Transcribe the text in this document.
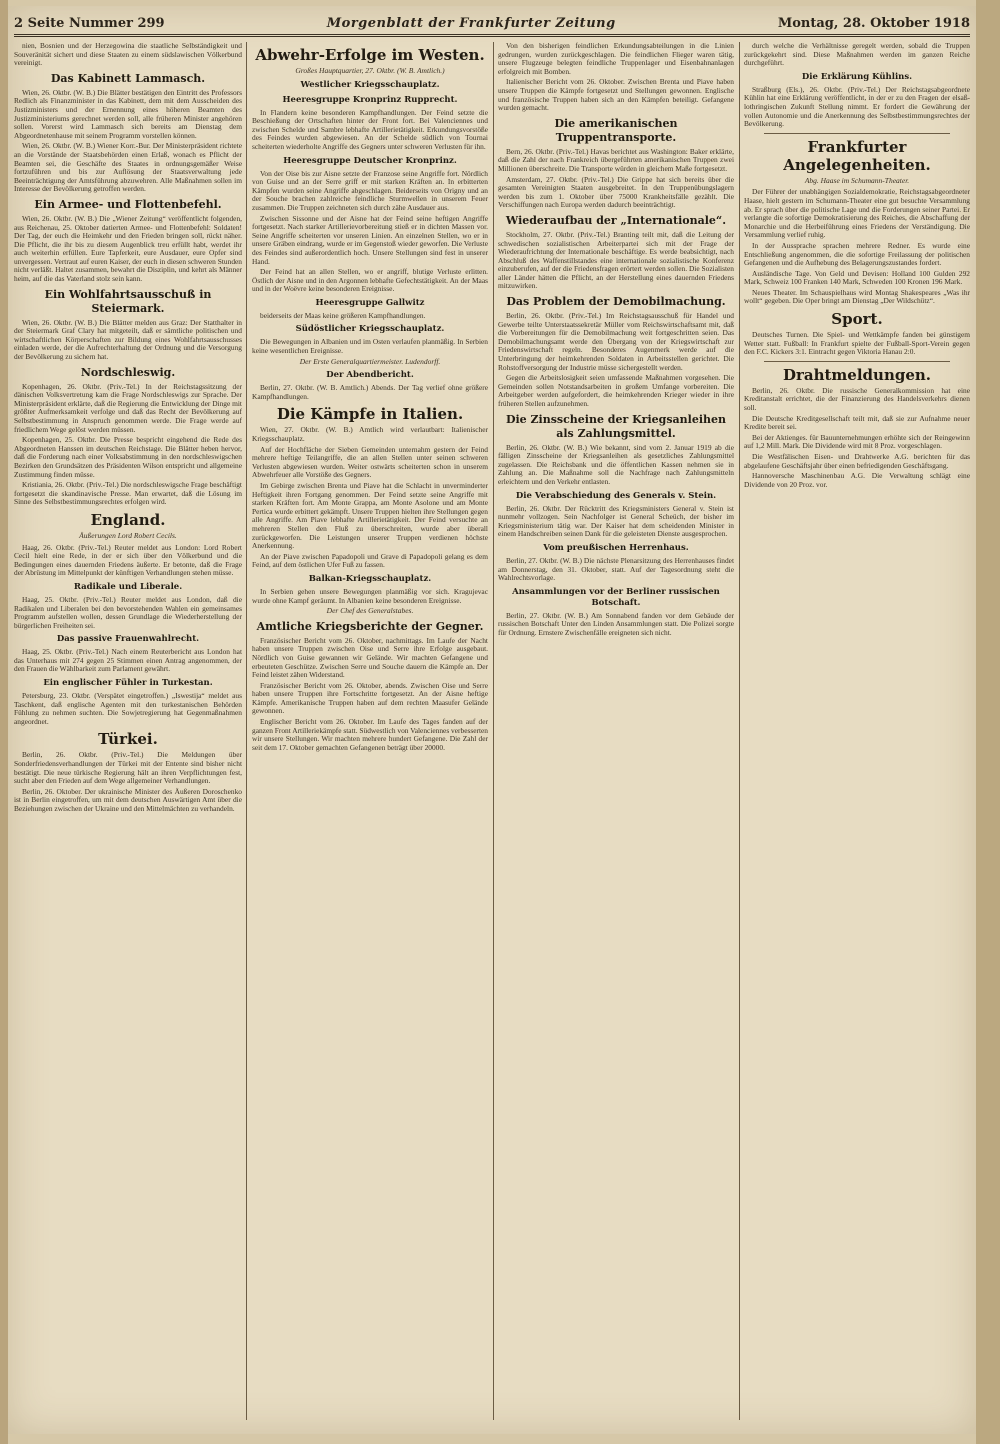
2 Seite Nummer 299	Morgenblatt der Frankfurter Zeitung	Montag, 28. Oktober 1918

nien, Bosnien und der Herzegowina die staatliche Selbständigkeit und Souveränität sichert und diese Staaten zu einem südslawischen Völkerbund vereinigt.

Das Kabinett Lammasch.

Wien, 26. Oktbr. (W. B.) Die Blätter bestätigen den Eintritt des Professors Redlich als Finanzminister in das Kabinett, dem mit dem Ausscheiden des Justizministers und der Ernennung eines höheren Beamten des Justizministeriums gerechnet werden soll, alle früheren Minister angehören sollen. Vorerst wird Lammasch sich bereits am Dienstag dem Abgeordnetenhause mit seinem Programm vorstellen können.

Wien, 26. Oktbr. (W. B.) Wiener Korr.-Bur. Der Ministerpräsident richtete an die Vorstände der Staatsbehörden einen Erlaß, wonach es Pflicht der Beamten sei, die Geschäfte des Staates in ordnungsgemäßer Weise fortzuführen und bis zur Auflösung der Staatsverwaltung jede Beeinträchtigung der Amtsführung abzuwehren. Alle Maßnahmen sollen im Interesse der Bevölkerung getroffen werden.

Ein Armee- und Flottenbefehl.

Wien, 26. Oktbr. (W. B.) Die „Wiener Zeitung“ veröffentlicht folgenden, aus Reichenau, 25. Oktober datierten Armee- und Flottenbefehl: Soldaten! Der Tag, der euch die Heimkehr und den Frieden bringen soll, rückt näher. Die Pflicht, die ihr bis zu diesem Augenblick treu erfüllt habt, werdet ihr auch weiterhin erfüllen. Eure Tapferkeit, eure Ausdauer, eure Opfer sind unvergessen. Vertraut auf euren Kaiser, der euch in diesen schweren Stunden nicht verläßt. Haltet zusammen, bewahrt die Disziplin, und kehrt als Männer heim, auf die das Vaterland stolz sein kann.

Ein Wohlfahrtsausschuß in Steiermark.

Wien, 26. Oktbr. (W. B.) Die Blätter melden aus Graz: Der Statthalter in der Steiermark Graf Clary hat mitgeteilt, daß er sämtliche politischen und wirtschaftlichen Körperschaften zur Bildung eines Wohlfahrtsausschusses einladen werde, der die Aufrechterhaltung der Ordnung und die Versorgung der Bevölkerung zu sichern hat.

Nordschleswig.

Kopenhagen, 26. Oktbr. (Priv.-Tel.) In der Reichstagssitzung der dänischen Volksvertretung kam die Frage Nordschleswigs zur Sprache. Der Ministerpräsident erklärte, daß die Regierung die Entwicklung der Dinge mit größter Aufmerksamkeit verfolge und daß das Recht der Bevölkerung auf Selbstbestimmung in Anspruch genommen werde. Die Frage werde auf friedlichem Wege gelöst werden müssen.

Kopenhagen, 25. Oktbr. Die Presse bespricht eingehend die Rede des Abgeordneten Hanssen im deutschen Reichstage. Die Blätter heben hervor, daß die Forderung nach einer Volksabstimmung in den nordschleswigschen Bezirken den Grundsätzen des Präsidenten Wilson entspricht und allgemeine Zustimmung finden müsse.

Kristiania, 26. Oktbr. (Priv.-Tel.) Die nordschleswigsche Frage beschäftigt fortgesetzt die skandinavische Presse. Man erwartet, daß die Lösung im Sinne des Selbstbestimmungsrechtes erfolgen wird.

England.
Äußerungen Lord Robert Cecils.

Haag, 26. Oktbr. (Priv.-Tel.) Reuter meldet aus London: Lord Robert Cecil hielt eine Rede, in der er sich über den Völkerbund und die Bedingungen eines dauernden Friedens äußerte. Er betonte, daß die Frage der Abrüstung im Mittelpunkt der künftigen Verhandlungen stehen müsse.

Radikale und Liberale.

Haag, 25. Oktbr. (Priv.-Tel.) Reuter meldet aus London, daß die Radikalen und Liberalen bei den bevorstehenden Wahlen ein gemeinsames Programm aufstellen wollen, dessen Grundlage die Wiederherstellung der bürgerlichen Freiheiten sei.

Das passive Frauenwahlrecht.

Haag, 25. Oktbr. (Priv.-Tel.) Nach einem Reuterbericht aus London hat das Unterhaus mit 274 gegen 25 Stimmen einen Antrag angenommen, der den Frauen die Wählbarkeit zum Parlament gewährt.

Ein englischer Fühler in Turkestan.

Petersburg, 23. Oktbr. (Verspätet eingetroffen.) „Iswestija“ meldet aus Taschkent, daß englische Agenten mit den turkestanischen Behörden Fühlung zu nehmen suchten. Die Sowjetregierung hat Gegenmaßnahmen angeordnet.

Türkei.

Berlin, 26. Oktbr. (Priv.-Tel.) Die Meldungen über Sonderfriedensverhandlungen der Türkei mit der Entente sind bisher nicht bestätigt. Die neue türkische Regierung hält an ihren Verpflichtungen fest, sucht aber den Frieden auf dem Wege allgemeiner Verhandlungen.

Berlin, 26. Oktober. Der ukrainische Minister des Äußeren Doroschenko ist in Berlin eingetroffen, um mit dem deutschen Auswärtigen Amt über die Beziehungen zwischen der Ukraine und den Mittelmächten zu verhandeln.

Abwehr-Erfolge im Westen.
Großes Hauptquartier, 27. Oktbr. (W. B. Amtlich.)
Westlicher Kriegsschauplatz.
Heeresgruppe Kronprinz Rupprecht.

In Flandern keine besonderen Kampfhandlungen. Der Feind setzte die Beschießung der Ortschaften hinter der Front fort. Bei Valenciennes und zwischen Schelde und Sambre lebhafte Artillerietätigkeit. Erkundungsvorstöße des Feindes wurden abgewiesen. An der Schelde südlich von Tournai scheiterten wiederholte Angriffe des Gegners unter schweren Verlusten für ihn.

Heeresgruppe Deutscher Kronprinz.

Von der Oise bis zur Aisne setzte der Franzose seine Angriffe fort. Nördlich von Guise und an der Serre griff er mit starken Kräften an. In erbitterten Kämpfen wurden seine Angriffe abgeschlagen. Beiderseits von Origny und an der Souche brachen zahlreiche feindliche Sturmwellen in unserem Feuer zusammen. Die Truppen zeichneten sich durch zähe Ausdauer aus.

Zwischen Sissonne und der Aisne hat der Feind seine heftigen Angriffe fortgesetzt. Nach starker Artillerievorbereitung stieß er in dichten Massen vor. Seine Angriffe scheiterten vor unseren Linien. An einzelnen Stellen, wo er in unsere Gräben eindrang, wurde er im Gegenstoß wieder geworfen. Die Verluste des Feindes sind außerordentlich hoch. Unsere Stellungen sind fest in unserer Hand.

Der Feind hat an allen Stellen, wo er angriff, blutige Verluste erlitten. Östlich der Aisne und in den Argonnen lebhafte Gefechtstätigkeit. An der Maas und in der Woëvre keine besonderen Ereignisse.

Heeresgruppe Gallwitz

beiderseits der Maas keine größeren Kampfhandlungen.

Südöstlicher Kriegsschauplatz.

Die Bewegungen in Albanien und im Osten verlaufen planmäßig. In Serbien keine wesentlichen Ereignisse.

Der Erste Generalquartiermeister. Ludendorff.
Der Abendbericht.

Berlin, 27. Oktbr. (W. B. Amtlich.) Abends. Der Tag verlief ohne größere Kampfhandlungen.

Die Kämpfe in Italien.

Wien, 27. Oktbr. (W. B.) Amtlich wird verlautbart: Italienischer Kriegsschauplatz.

Auf der Hochfläche der Sieben Gemeinden unternahm gestern der Feind mehrere heftige Teilangriffe, die an allen Stellen unter seinen schweren Verlusten abgewiesen wurden. Weiter ostwärts scheiterten schon in unserem Abwehrfeuer alle Vorstöße des Gegners.

Im Gebirge zwischen Brenta und Piave hat die Schlacht in unverminderter Heftigkeit ihren Fortgang genommen. Der Feind setzte seine Angriffe mit starken Kräften fort. Am Monte Grappa, am Monte Asolone und am Monte Pertica wurde erbittert gekämpft. Unsere Truppen hielten ihre Stellungen gegen alle Angriffe. Am Piave lebhafte Artillerietätigkeit. Der Feind versuchte an mehreren Stellen den Fluß zu überschreiten, wurde aber überall zurückgeworfen. Die Leistungen unserer Truppen verdienen höchste Anerkennung.

An der Piave zwischen Papadopoli und Grave di Papadopoli gelang es dem Feind, auf dem östlichen Ufer Fuß zu fassen.

Balkan-Kriegsschauplatz.

In Serbien gehen unsere Bewegungen planmäßig vor sich. Kragujevac wurde ohne Kampf geräumt. In Albanien keine besonderen Ereignisse.

Der Chef des Generalstabes.
Amtliche Kriegsberichte der Gegner.

Französischer Bericht vom 26. Oktober, nachmittags. Im Laufe der Nacht haben unsere Truppen zwischen Oise und Serre ihre Erfolge ausgebaut. Nördlich von Guise gewannen wir Gelände. Wir machten Gefangene und erbeuteten Geschütze. Zwischen Serre und Souche dauern die Kämpfe an. Der Feind leistet zähen Widerstand.

Französischer Bericht vom 26. Oktober, abends. Zwischen Oise und Serre haben unsere Truppen ihre Fortschritte fortgesetzt. An der Aisne heftige Kämpfe. Amerikanische Truppen haben auf dem rechten Maasufer Gelände gewonnen.

Englischer Bericht vom 26. Oktober. Im Laufe des Tages fanden auf der ganzen Front Artilleriekämpfe statt. Südwestlich von Valenciennes verbesserten wir unsere Stellungen. Wir machten mehrere hundert Gefangene. Die Zahl der seit dem 17. Oktober gemachten Gefangenen beträgt über 20000.

Von den bisherigen feindlichen Erkundungsabteilungen in die Linien gedrungen, wurden zurückgeschlagen. Die feindlichen Flieger waren tätig, unsere Flugzeuge belegten feindliche Truppenlager und Eisenbahnanlagen erfolgreich mit Bomben.

Italienischer Bericht vom 26. Oktober. Zwischen Brenta und Piave haben unsere Truppen die Kämpfe fortgesetzt und Stellungen gewonnen. Englische und französische Truppen haben sich an den Kämpfen beteiligt. Gefangene wurden gemacht.

Die amerikanischen Truppentransporte.

Bern, 26. Oktbr. (Priv.-Tel.) Havas berichtet aus Washington: Baker erklärte, daß die Zahl der nach Frankreich übergeführten amerikanischen Truppen zwei Millionen überschreite. Die Transporte würden in gleichem Maße fortgesetzt.

Amsterdam, 27. Oktbr. (Priv.-Tel.) Die Grippe hat sich bereits über die gesamten Vereinigten Staaten ausgebreitet. In den Truppenübungslagern werden bis zum 1. Oktober über 75000 Krankheitsfälle gezählt. Die Verschiffungen nach Europa werden dadurch beeinträchtigt.

Wiederaufbau der „Internationale“.

Stockholm, 27. Oktbr. (Priv.-Tel.) Branting teilt mit, daß die Leitung der schwedischen sozialistischen Arbeiterpartei sich mit der Frage der Wiederaufrichtung der Internationale beschäftige. Es werde beabsichtigt, nach Abschluß des Waffenstillstandes eine internationale sozialistische Konferenz einzuberufen, auf der die Friedensfragen erörtert werden sollen. Die Sozialisten aller Länder hätten die Pflicht, an der Herstellung eines dauernden Friedens mitzuwirken.

Das Problem der Demobilmachung.

Berlin, 26. Oktbr. (Priv.-Tel.) Im Reichstagsausschuß für Handel und Gewerbe teilte Unterstaatssekretär Müller vom Reichswirtschaftsamt mit, daß die Vorbereitungen für die Demobilmachung weit fortgeschritten seien. Das Demobilmachungsamt werde den Übergang von der Kriegswirtschaft zur Friedenswirtschaft regeln. Besonderes Augenmerk werde auf die Unterbringung der heimkehrenden Soldaten in Arbeitsstellen gerichtet. Die Rohstoffversorgung der Industrie müsse sichergestellt werden.

Gegen die Arbeitslosigkeit seien umfassende Maßnahmen vorgesehen. Die Gemeinden sollen Notstandsarbeiten in großem Umfange vorbereiten. Die Arbeitgeber werden aufgefordert, die heimkehrenden Krieger wieder in ihre früheren Stellen aufzunehmen.

Die Zinsscheine der Kriegsanleihen als Zahlungsmittel.

Berlin, 26. Oktbr. (W. B.) Wie bekannt, sind vom 2. Januar 1919 ab die fälligen Zinsscheine der Kriegsanleihen als gesetzliches Zahlungsmittel zugelassen. Die Reichsbank und die öffentlichen Kassen nehmen sie in Zahlung an. Die Maßnahme soll die Nachfrage nach Zahlungsmitteln erleichtern und den Verkehr entlasten.

Die Verabschiedung des Generals v. Stein.

Berlin, 26. Oktbr. Der Rücktritt des Kriegsministers General v. Stein ist nunmehr vollzogen. Sein Nachfolger ist General Scheüch, der bisher im Kriegsministerium tätig war. Der Kaiser hat dem scheidenden Minister in einem Handschreiben seinen Dank für die geleisteten Dienste ausgesprochen.

Vom preußischen Herrenhaus.

Berlin, 27. Oktbr. (W. B.) Die nächste Plenarsitzung des Herrenhauses findet am Donnerstag, den 31. Oktober, statt. Auf der Tagesordnung steht die Wahlrechtsvorlage.

Ansammlungen vor der Berliner russischen Botschaft.

Berlin, 27. Oktbr. (W. B.) Am Sonnabend fanden vor dem Gebäude der russischen Botschaft Unter den Linden Ansammlungen statt. Die Polizei sorgte für Ordnung. Ernstere Zwischenfälle ereigneten sich nicht.

durch welche die Verhältnisse geregelt werden, sobald die Truppen zurückgekehrt sind. Diese Maßnahmen werden im ganzen Reiche durchgeführt.

Die Erklärung Kühlins.

Straßburg (Els.), 26. Oktbr. (Priv.-Tel.) Der Reichstagsabgeordnete Kühlin hat eine Erklärung veröffentlicht, in der er zu den Fragen der elsaß-lothringischen Zukunft Stellung nimmt. Er fordert die Gewährung der vollen Autonomie und die Anerkennung des Selbstbestimmungsrechtes der Bevölkerung.

Frankfurter Angelegenheiten.
Abg. Haase im Schumann-Theater.

Der Führer der unabhängigen Sozialdemokratie, Reichstagsabgeordneter Haase, hielt gestern im Schumann-Theater eine gut besuchte Versammlung ab. Er sprach über die politische Lage und die Forderungen seiner Partei. Er verlangte die sofortige Demokratisierung des Reiches, die Abschaffung der Monarchie und die Herbeiführung eines Friedens der Verständigung. Die Versammlung verlief ruhig.

In der Aussprache sprachen mehrere Redner. Es wurde eine Entschließung angenommen, die die sofortige Freilassung der politischen Gefangenen und die Aufhebung des Belagerungszustandes fordert.

Ausländische Tage. Von Geld und Devisen: Holland 100 Gulden 292 Mark, Schweiz 100 Franken 140 Mark, Schweden 100 Kronen 196 Mark.

Neues Theater. Im Schauspielhaus wird Montag Shakespeares „Was ihr wollt“ gegeben. Die Oper bringt am Dienstag „Der Wildschütz“.

Sport.

Deutsches Turnen. Die Spiel- und Wettkämpfe fanden bei günstigem Wetter statt. Fußball: In Frankfurt spielte der Fußball-Sport-Verein gegen den F.C. Kickers 3:1. Eintracht gegen Viktoria Hanau 2:0.

Drahtmeldungen.

Berlin, 26. Oktbr. Die russische Generalkommission hat eine Kreditanstalt errichtet, die der Finanzierung des Handelsverkehrs dienen soll.

Die Deutsche Kreditgesellschaft teilt mit, daß sie zur Aufnahme neuer Kredite bereit sei.

Bei der Aktienges. für Bauunternehmungen erhöhte sich der Reingewinn auf 1,2 Mill. Mark. Die Dividende wird mit 8 Proz. vorgeschlagen.

Die Westfälischen Eisen- und Drahtwerke A.G. berichten für das abgelaufene Geschäftsjahr über einen befriedigenden Geschäftsgang.

Hannoversche Maschinenbau A.G. Die Verwaltung schlägt eine Dividende von 20 Proz. vor.
